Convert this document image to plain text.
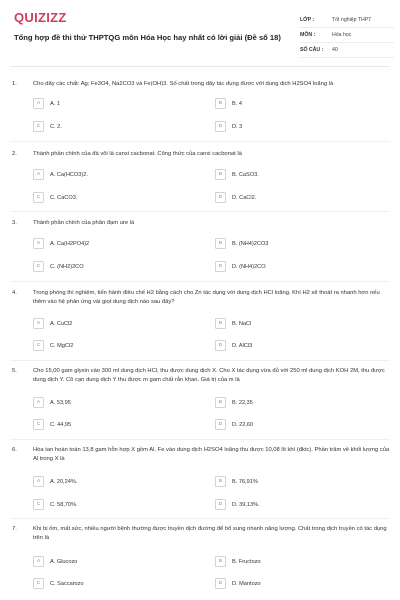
QUIZIZZ
Tổng hợp đề thi thử THPTQG môn Hóa Học hay nhất có lời giải (Đề số 18)
LỚP :	Tốt nghiệp THPT
MÔN :	Hóa học
SỐ CÂU :	40
1.	Cho dãy các chất: Ag; Fe3O4, Na2CO3 và Fe(OH)3. Số chất trong dãy tác dụng được với dung dịch H2SO4 loãng là
A	A. 1	B	B. 4
C	C. 2.	D	D. 3
2.	Thành phần chính của đá vôi là canxi cacbonat. Công thức của canxi cacbonat là
A	A. Ca(HCO3)2.	B	B. CaSO3.
C	C. CaCO3.	D	D. CaCl2.
3.	Thành phần chính của phân đạm ure là
A	A. Ca(H2PO4)2	B	B. (NH4)2CO3
C	C. (NH2)2CO	D	D. (NH4)2CO
4.	Trong phòng thí nghiệm, tiến hành điều chế H2 bằng cách cho Zn tác dụng với dung dịch HCl loãng. Khí H2 sẽ thoát ra nhanh hơn nếu thêm vào hệ phản ứng vài giọt dung dịch nào sau đây?
A	A. CuCl2	B	B. NaCl
C	C. MgCl2	D	D. AlCl3
5.	Cho 15,00 gam glyxin vào 300 ml dung dịch HCl, thu được dung dịch X. Cho X tác dụng vừa đủ với 250 ml dung dịch KOH 2M, thu được dung dịch Y. Cô cạn dung dịch Y thu được m gam chất rắn khan. Giá trị của m là
A	A. 53,95	B	B. 22,35
C	C. 44,95	D	D. 22,60
6.	Hòa tan hoàn toàn 13,8 gam hỗn hợp X gồm Al, Fe vào dung dịch H2SO4 loãng thu được 10,08 lít khí (đktc). Phần trăm về khối lượng của Al trong X là
A	A. 20,24%.	B	B. 76,91%
C	C. 58,70%.	D	D. 39,13%.
7.	Khi bị ốm, mất sức, nhiều người bệnh thường được truyền dịch đường để bổ sung nhanh năng lượng. Chất trong dịch truyền có tác dụng trên là
A	A. Glucozo	B	B. Fructozo
C	C. Saccarozo	D	D. Mantozo
